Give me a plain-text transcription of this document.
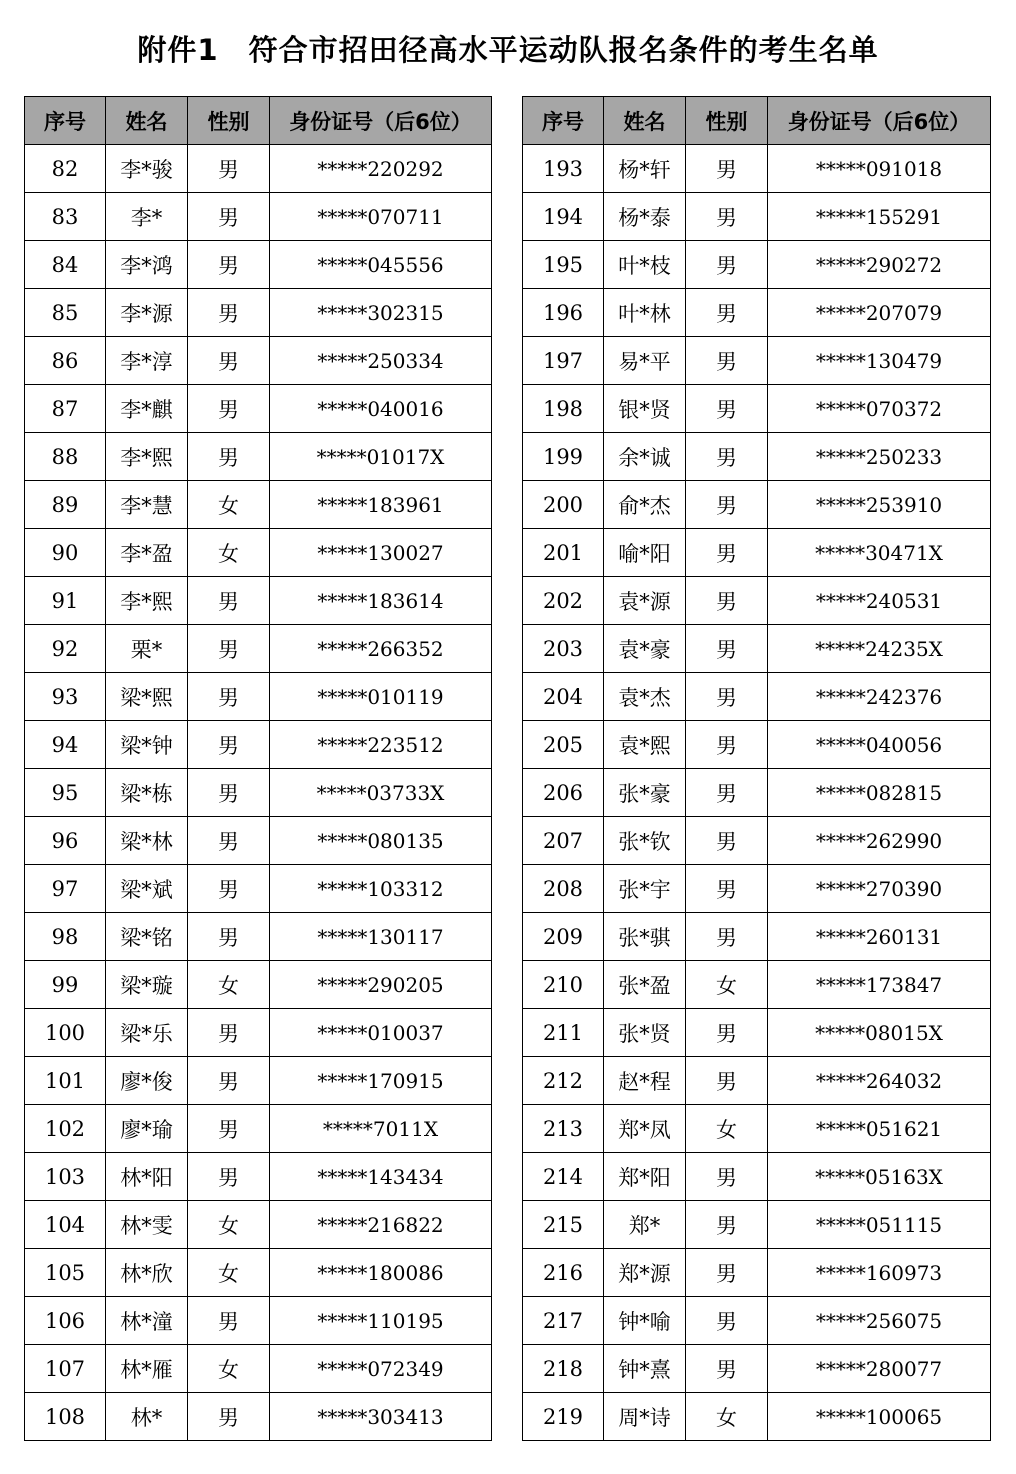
附件1　符合市招田径高水平运动队报名条件的考生名单
序号	姓名	性别	身份证号（后6位）
82	李*骏	男	*****220292
83	李*	男	*****070711
84	李*鸿	男	*****045556
85	李*源	男	*****302315
86	李*淳	男	*****250334
87	李*麒	男	*****040016
88	李*熙	男	*****01017X
89	李*慧	女	*****183961
90	李*盈	女	*****130027
91	李*熙	男	*****183614
92	栗*	男	*****266352
93	梁*熙	男	*****010119
94	梁*钟	男	*****223512
95	梁*栋	男	*****03733X
96	梁*林	男	*****080135
97	梁*斌	男	*****103312
98	梁*铭	男	*****130117
99	梁*璇	女	*****290205
100	梁*乐	男	*****010037
101	廖*俊	男	*****170915
102	廖*瑜	男	*****7011X
103	林*阳	男	*****143434
104	林*雯	女	*****216822
105	林*欣	女	*****180086
106	林*潼	男	*****110195
107	林*雁	女	*****072349
108	林*	男	*****303413
序号	姓名	性别	身份证号（后6位）
193	杨*轩	男	*****091018
194	杨*泰	男	*****155291
195	叶*枝	男	*****290272
196	叶*林	男	*****207079
197	易*平	男	*****130479
198	银*贤	男	*****070372
199	余*诚	男	*****250233
200	俞*杰	男	*****253910
201	喻*阳	男	*****30471X
202	袁*源	男	*****240531
203	袁*豪	男	*****24235X
204	袁*杰	男	*****242376
205	袁*熙	男	*****040056
206	张*豪	男	*****082815
207	张*钦	男	*****262990
208	张*宇	男	*****270390
209	张*骐	男	*****260131
210	张*盈	女	*****173847
211	张*贤	男	*****08015X
212	赵*程	男	*****264032
213	郑*凤	女	*****051621
214	郑*阳	男	*****05163X
215	郑*	男	*****051115
216	郑*源	男	*****160973
217	钟*喻	男	*****256075
218	钟*熹	男	*****280077
219	周*诗	女	*****100065
